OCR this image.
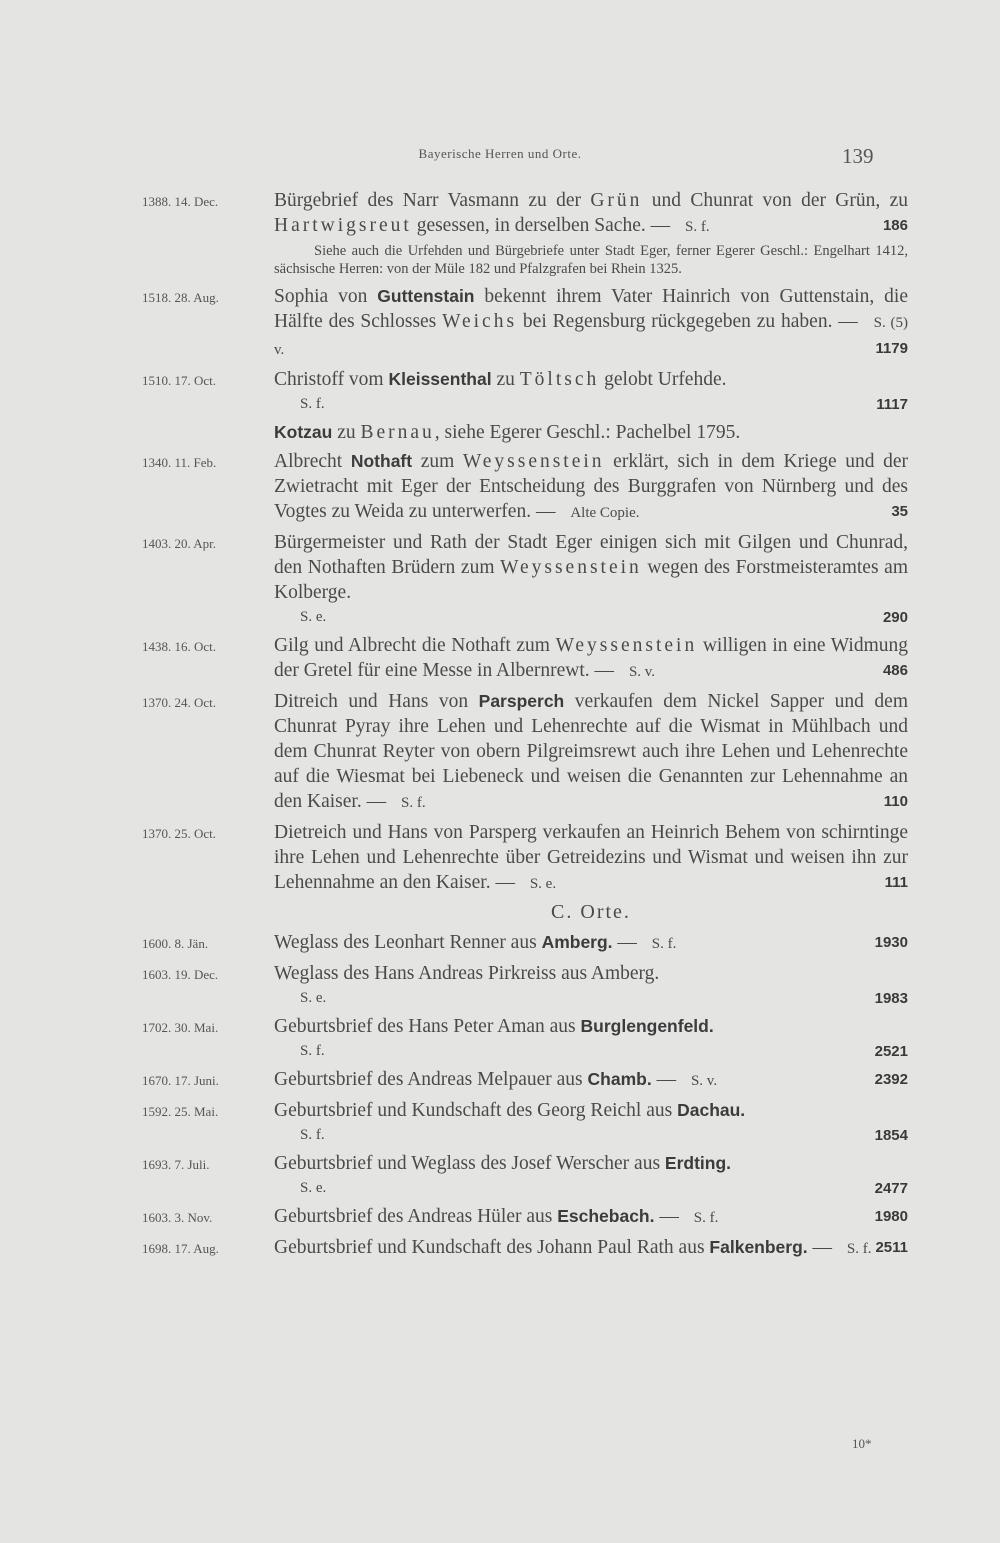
Bayerische Herren und Orte.	139
1388. 14. Dec.	Bürgebrief des Narr Vasmann zu der Grün und Chunrat von der Grün, zu Hartwigsreut gesessen, in derselben Sache. — S. f.	186
Siehe auch die Urfehden und Bürgebriefe unter Stadt Eger, ferner Egerer Geschl.: Engelhart 1412, sächsische Herren: von der Müle 182 und Pfalzgrafen bei Rhein 1325.
1518. 28. Aug.	Sophia von Guttenstain bekennt ihrem Vater Hainrich von Guttenstain, die Hälfte des Schlosses Weichs bei Regensburg rückgegeben zu haben. — S. (5) v.	1179
1510. 17. Oct.	Christoff vom Kleissenthal zu Töltsch gelobt Urfehde.
S. f.	1117
Kotzau zu Bernau, siehe Egerer Geschl.: Pachelbel 1795.
1340. 11. Feb.	Albrecht Nothaft zum Weyssenstein erklärt, sich in dem Kriege und der Zwietracht mit Eger der Entscheidung des Burggrafen von Nürnberg und des Vogtes zu Weida zu unterwerfen. — Alte Copie.	35
1403. 20. Apr.	Bürgermeister und Rath der Stadt Eger einigen sich mit Gilgen und Chunrad, den Nothaften Brüdern zum Weyssenstein wegen des Forstmeisteramtes am Kolberge.
S. e.	290
1438. 16. Oct.	Gilg und Albrecht die Nothaft zum Weyssenstein willigen in eine Widmung der Gretel für eine Messe in Albernrewt. — S. v.	486
1370. 24. Oct.	Ditreich und Hans von Parsperch verkaufen dem Nickel Sapper und dem Chunrat Pyray ihre Lehen und Lehenrechte auf die Wismat in Mühlbach und dem Chunrat Reyter von obern Pilgreimsrewt auch ihre Lehen und Lehenrechte auf die Wiesmat bei Liebeneck und weisen die Genannten zur Lehennahme an den Kaiser. — S. f.	110
1370. 25. Oct.	Dietreich und Hans von Parsperg verkaufen an Heinrich Behem von schirntinge ihre Lehen und Lehenrechte über Getreidezins und Wismat und weisen ihn zur Lehennahme an den Kaiser. — S. e.	111
C. Orte.
1600. 8. Jän.	Weglass des Leonhart Renner aus Amberg. — S. f.	1930
1603. 19. Dec.	Weglass des Hans Andreas Pirkreiss aus Amberg.
S. e.	1983
1702. 30. Mai.	Geburtsbrief des Hans Peter Aman aus Burglengenfeld.
S. f.	2521
1670. 17. Juni.	Geburtsbrief des Andreas Melpauer aus Chamb. — S. v.	2392
1592. 25. Mai.	Geburtsbrief und Kundschaft des Georg Reichl aus Dachau.
S. f.	1854
1693. 7. Juli.	Geburtsbrief und Weglass des Josef Werscher aus Erdting.
S. e.	2477
1603. 3. Nov.	Geburtsbrief des Andreas Hüler aus Eschebach. — S. f.	1980
1698. 17. Aug.	Geburtsbrief und Kundschaft des Johann Paul Rath aus Falkenberg. — S. f. 2511
10*
